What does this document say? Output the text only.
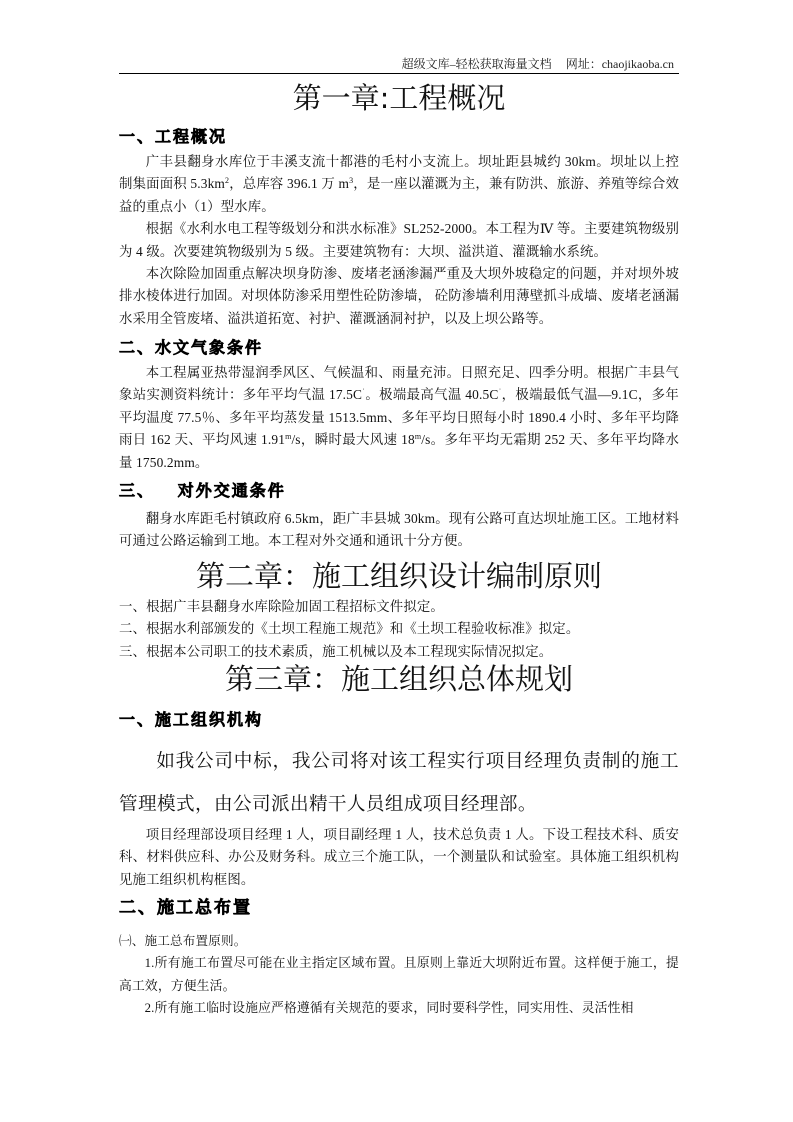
超级文库–轻松获取海量文档 网址：chaojikaoba.cn
第一章:工程概况
一、工程概况

广丰县翻身水库位于丰溪支流十都港的毛村小支流上。坝址距县城约 30km。坝址以上控制集面面积 $5.3km^2$，总库容 396.1 万 $m^3$，是一座以灌溉为主，兼有防洪、旅游、养殖等综合效益的重点小（1）型水库。

根据《水利水电工程等级划分和洪水标准》SL252-2000。本工程为Ⅳ 等。主要建筑物级别为 4 级。次要建筑物级别为 5 级。主要建筑物有：大坝、溢洪道、灌溉输水系统。

本次除险加固重点解决坝身防渗、废堵老涵渗漏严重及大坝外坡稳定的问题，并对坝外坡排水棱体进行加固。对坝体防渗采用塑性砼防渗墙， 砼防渗墙利用薄壁抓斗成墙、废堵老涵漏水采用全管废堵、溢洪道拓宽、衬护、灌溉涵洞衬护，以及上坝公路等。

二、水文气象条件

本工程属亚热带湿润季风区、气候温和、雨量充沛。日照充足、四季分明。根据广丰县气象站实测资料统计：多年平均气温 17.5C˙。极端最高气温 40.5C˙，极端最低气温—9.1C，多年平均温度 77.5％、多年平均蒸发量 1513.5mm、多年平均日照每小时 1890.4 小时、多年平均降雨日 162 天、平均风速 1.91$^m$/s，瞬时最大风速 18$^m$/s。多年平均无霜期 252 天、多年平均降水量 1750.2mm。

三、   对外交通条件

翻身水库距毛村镇政府 6.5km，距广丰县城 30km。现有公路可直达坝址施工区。工地材料可通过公路运输到工地。本工程对外交通和通讯十分方便。

第二章：施工组织设计编制原则

一、根据广丰县翻身水库除险加固工程招标文件拟定。

二、根据水利部颁发的《土坝工程施工规范》和《土坝工程验收标准》拟定。

三、根据本公司职工的技术素质，施工机械以及本工程现实际情况拟定。

第三章：施工组织总体规划
一、施工组织机构

如我公司中标，我公司将对该工程实行项目经理负责制的施工管理模式，由公司派出精干人员组成项目经理部。

项目经理部设项目经理 1 人，项目副经理 1 人，技术总负责 1 人。下设工程技术科、质安科、材料供应科、办公及财务科。成立三个施工队，一个测量队和试验室。具体施工组织机构见施工组织机构框图。

二、施工总布置

㈠、施工总布置原则。

1.所有施工布置尽可能在业主指定区域布置。且原则上靠近大坝附近布置。这样便于施工，提高工效，方便生活。

2.所有施工临时设施应严格遵循有关规范的要求，同时要科学性，同实用性、灵活性相
